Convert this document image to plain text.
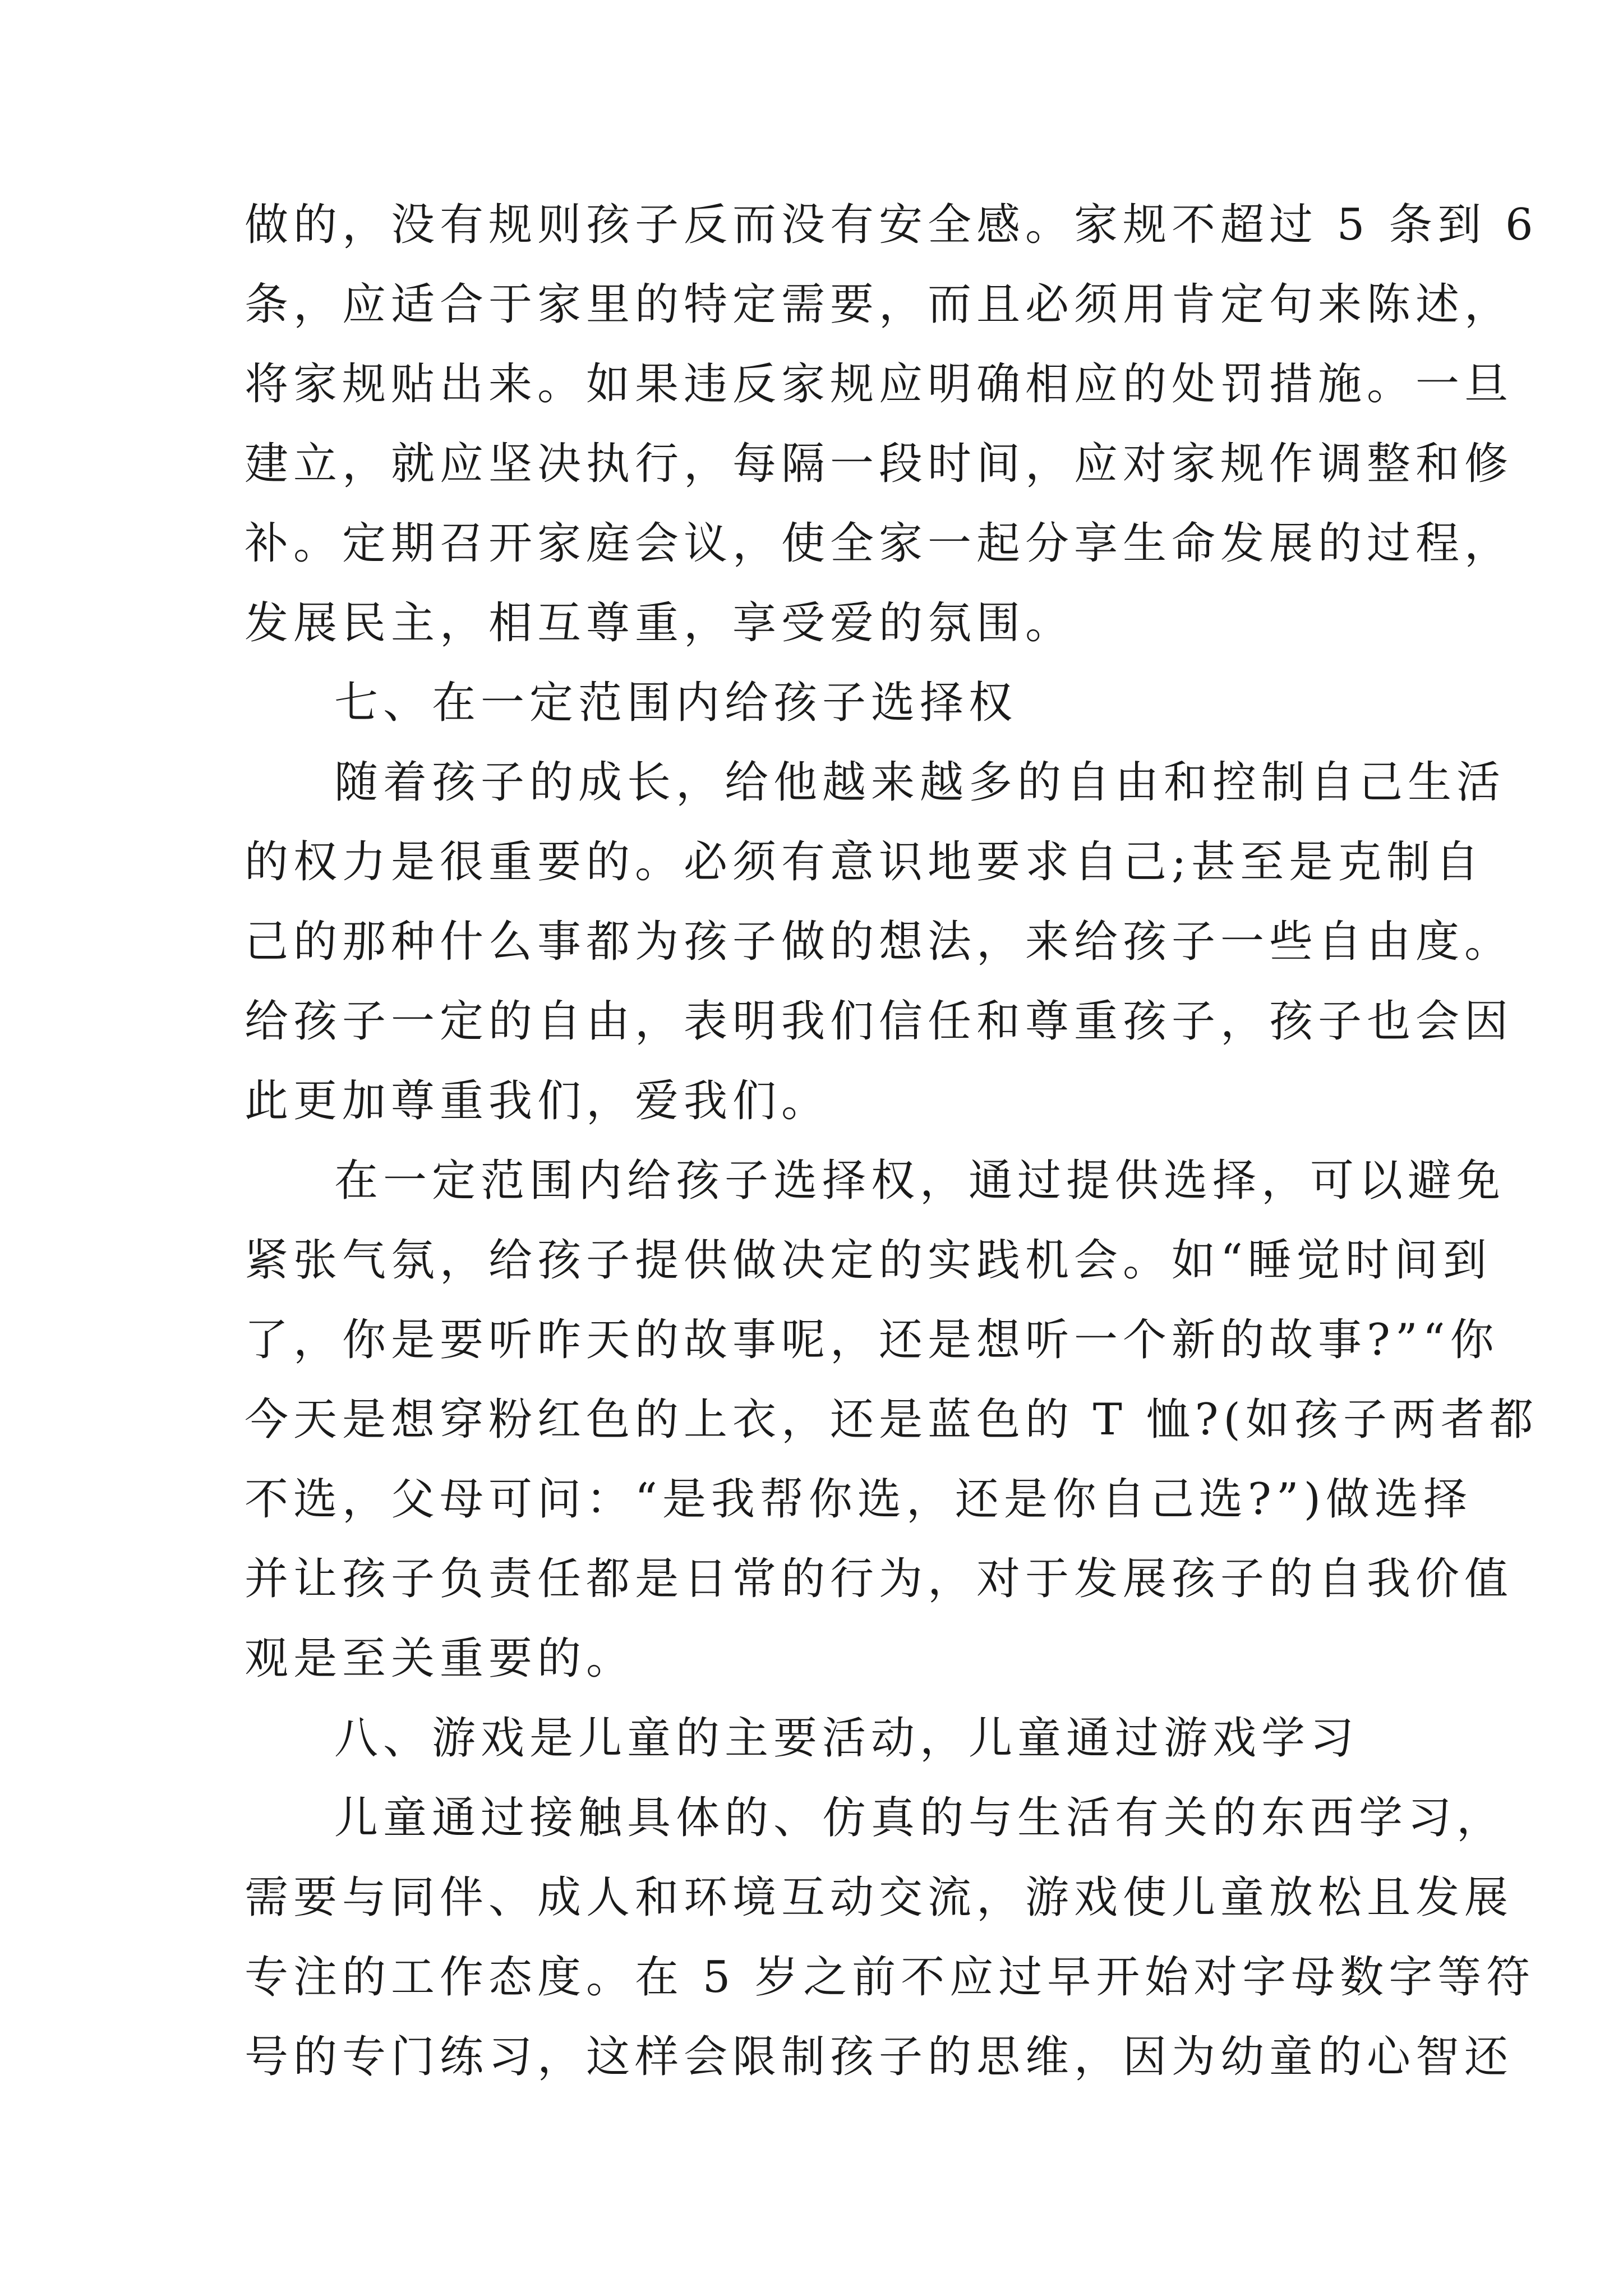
做的，没有规则孩子反而没有安全感。家规不超过 5 条到 6
条，应适合于家里的特定需要，而且必须用肯定句来陈述，
将家规贴出来。如果违反家规应明确相应的处罚措施。一旦
建立，就应坚决执行，每隔一段时间，应对家规作调整和修
补。定期召开家庭会议，使全家一起分享生命发展的过程，
发展民主，相互尊重，享受爱的氛围。
七、在一定范围内给孩子选择权
随着孩子的成长，给他越来越多的自由和控制自己生活
的权力是很重要的。必须有意识地要求自己;甚至是克制自
己的那种什么事都为孩子做的想法，来给孩子一些自由度。
给孩子一定的自由，表明我们信任和尊重孩子，孩子也会因
此更加尊重我们，爱我们。
在一定范围内给孩子选择权，通过提供选择，可以避免
紧张气氛，给孩子提供做决定的实践机会。如“睡觉时间到
了，你是要听昨天的故事呢，还是想听一个新的故事?”“你
今天是想穿粉红色的上衣，还是蓝色的 T 恤?(如孩子两者都
不选，父母可问：“是我帮你选，还是你自己选?”)做选择
并让孩子负责任都是日常的行为，对于发展孩子的自我价值
观是至关重要的。
八、游戏是儿童的主要活动，儿童通过游戏学习
儿童通过接触具体的、仿真的与生活有关的东西学习，
需要与同伴、成人和环境互动交流，游戏使儿童放松且发展
专注的工作态度。在 5 岁之前不应过早开始对字母数字等符
号的专门练习，这样会限制孩子的思维，因为幼童的心智还
